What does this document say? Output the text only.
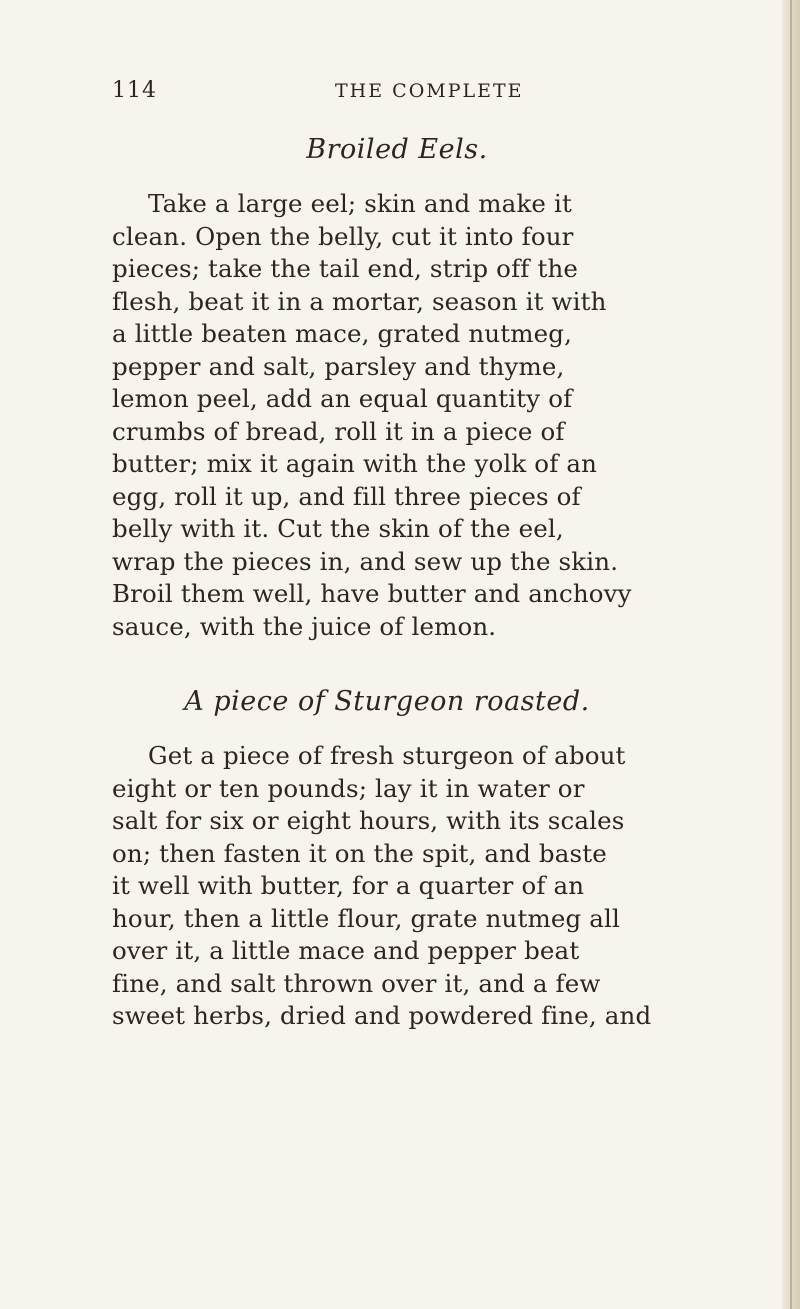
114	THE COMPLETE
Broiled Eels.
Take a large eel; skin and make it
clean. Open the belly, cut it into four
pieces; take the tail end, strip off the
flesh, beat it in a mortar, season it with
a little beaten mace, grated nutmeg,
pepper and salt, parsley and thyme,
lemon peel, add an equal quantity of
crumbs of bread, roll it in a piece of
butter; mix it again with the yolk of an
egg, roll it up, and fill three pieces of
belly with it. Cut the skin of the eel,
wrap the pieces in, and sew up the skin.
Broil them well, have butter and anchovy
sauce, with the juice of lemon.
A piece of Sturgeon roasted.
Get a piece of fresh sturgeon of about
eight or ten pounds; lay it in water or
salt for six or eight hours, with its scales
on; then fasten it on the spit, and baste
it well with butter, for a quarter of an
hour, then a little flour, grate nutmeg all
over it, a little mace and pepper beat
fine, and salt thrown over it, and a few
sweet herbs, dried and powdered fine, and
